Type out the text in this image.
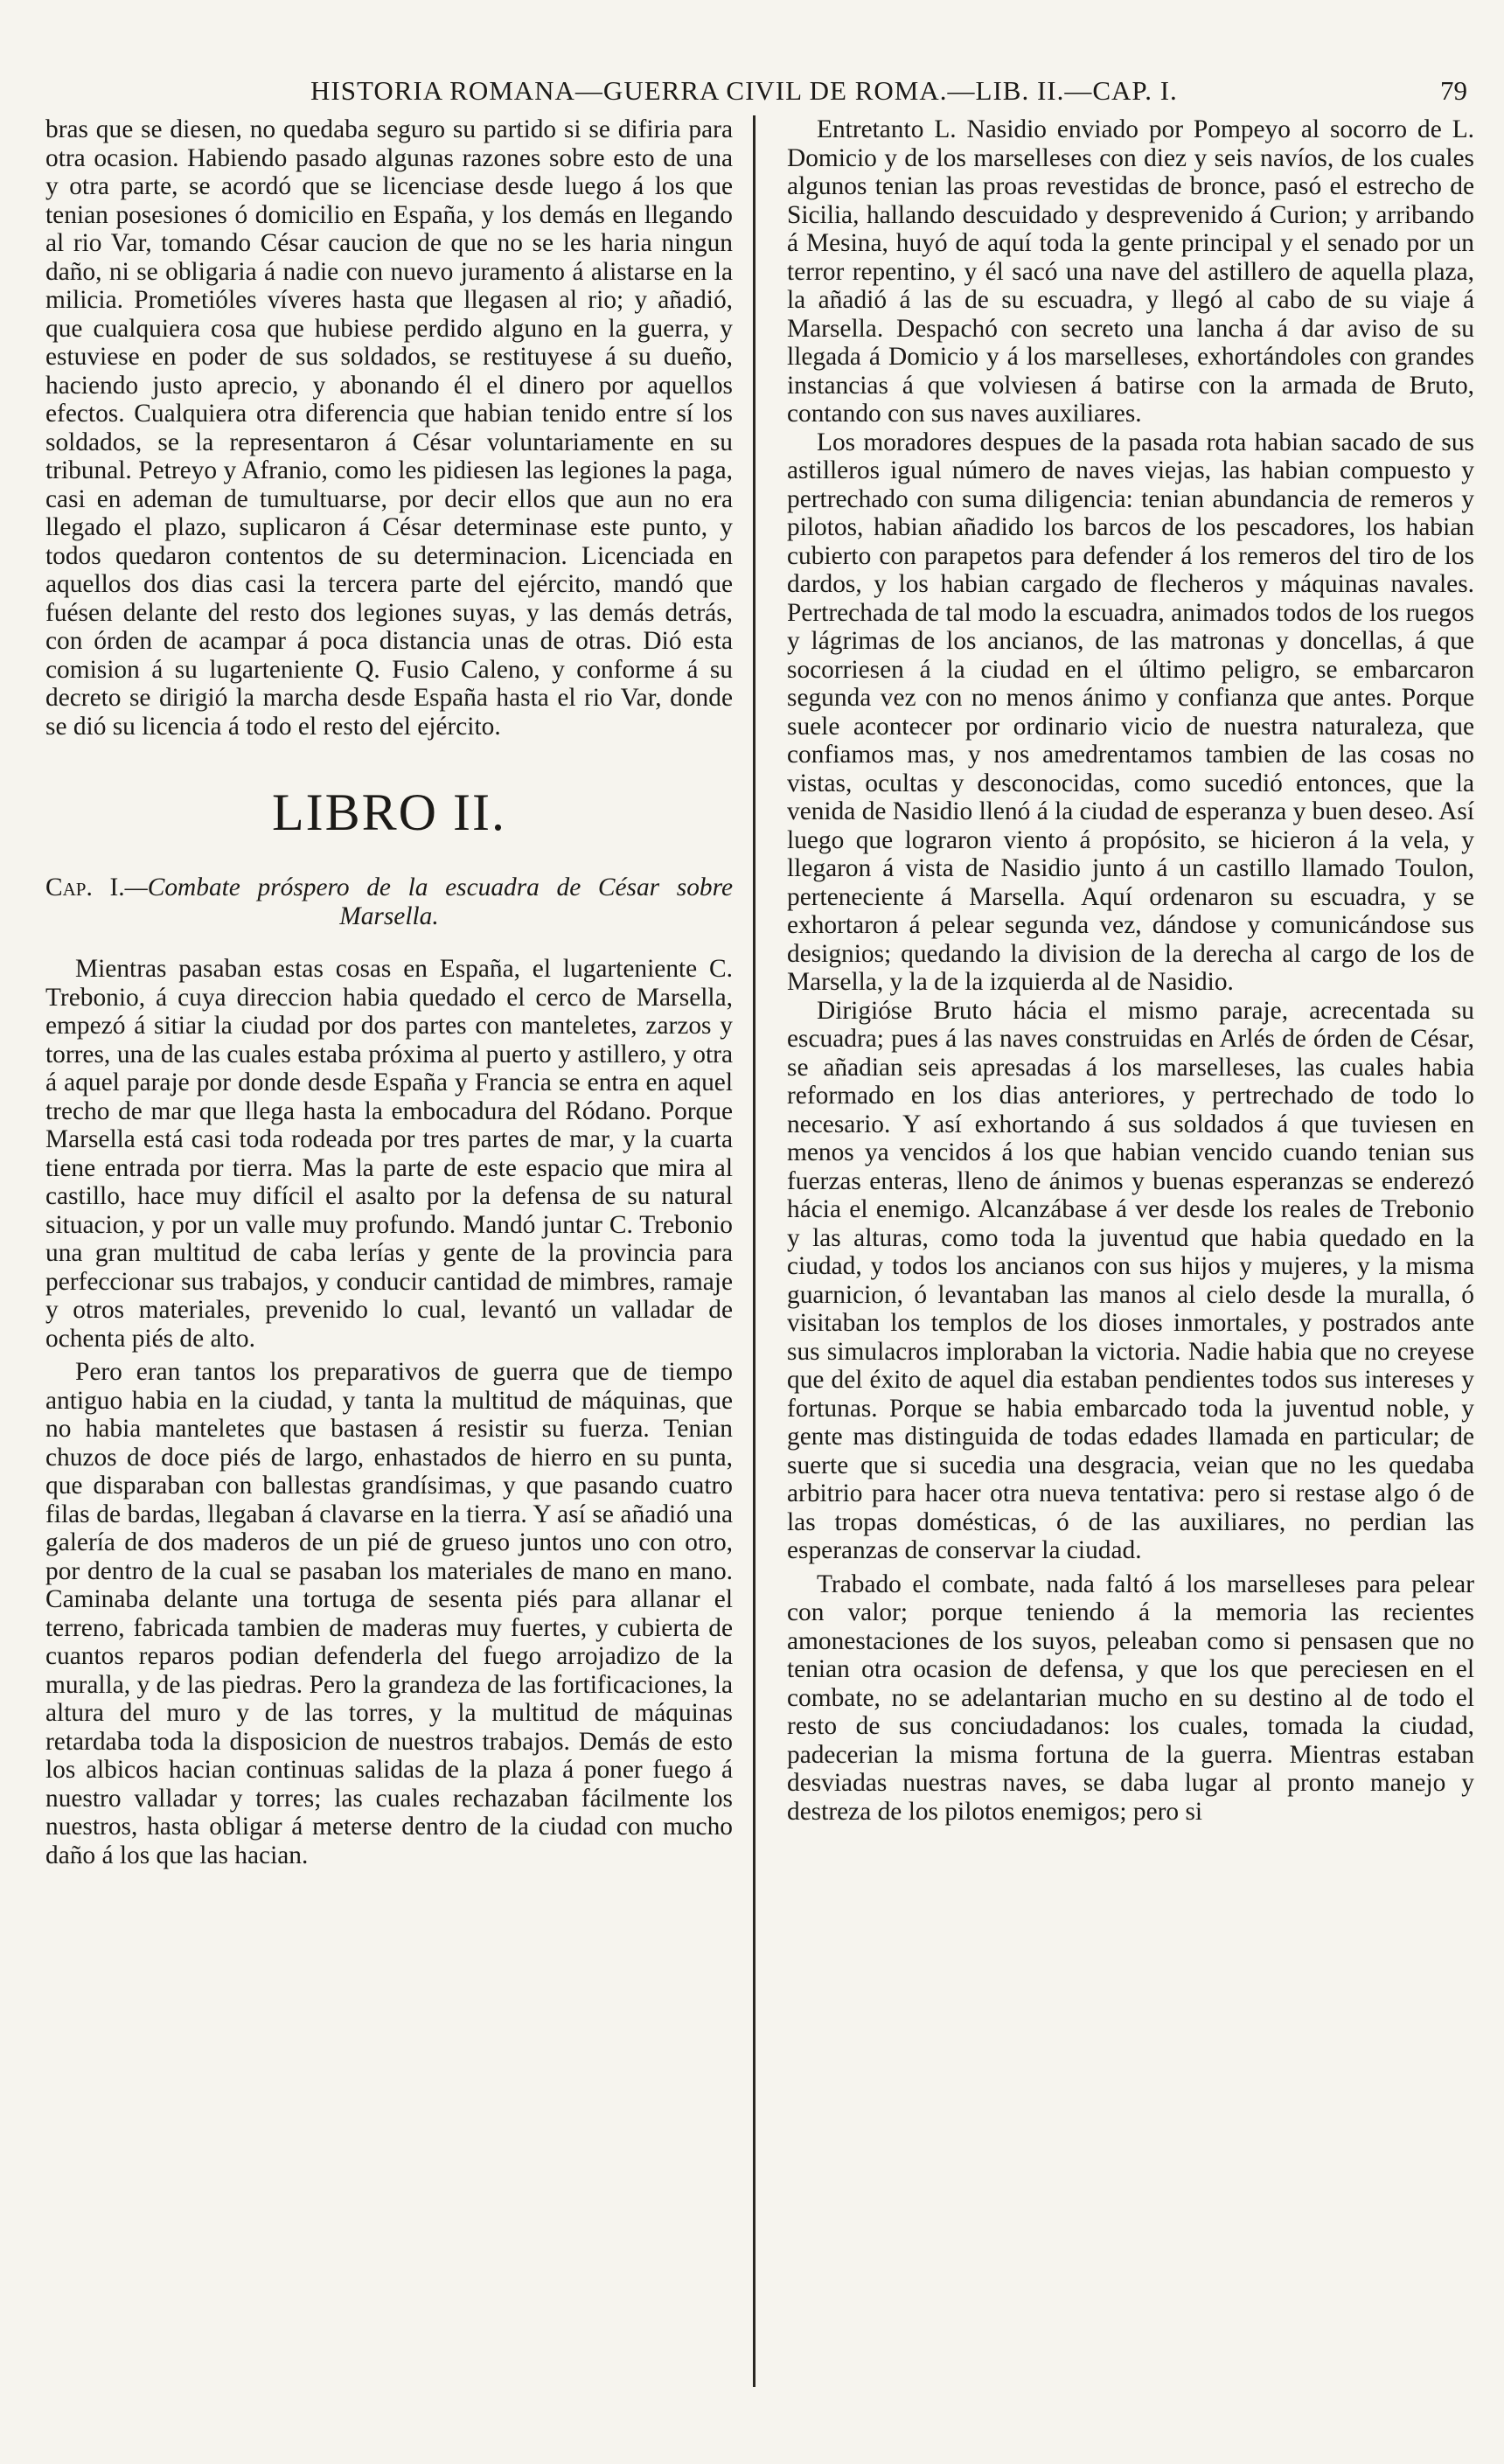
HISTORIA ROMANA—GUERRA CIVIL DE ROMA.—LIB. II.—CAP. I.	79

bras que se diesen, no quedaba seguro su partido si se difiria para otra ocasion. Habiendo pasado algunas razones sobre esto de una y otra parte, se acordó que se licenciase desde luego á los que tenian posesiones ó domicilio en España, y los demás en llegando al rio Var, tomando César caucion de que no se les haria ningun daño, ni se obligaria á nadie con nuevo juramento á alistarse en la milicia. Prometióles víveres hasta que llegasen al rio; y añadió, que cualquiera cosa que hubiese perdido alguno en la guerra, y estuviese en poder de sus soldados, se restituyese á su dueño, haciendo justo aprecio, y abonando él el dinero por aquellos efectos. Cualquiera otra diferencia que habian tenido entre sí los soldados, se la representaron á César voluntariamente en su tribunal. Petreyo y Afranio, como les pidiesen las legiones la paga, casi en ademan de tumultuarse, por decir ellos que aun no era llegado el plazo, suplicaron á César determinase este punto, y todos quedaron contentos de su determinacion. Licenciada en aquellos dos dias casi la tercera parte del ejército, mandó que fuésen delante del resto dos legiones suyas, y las demás detrás, con órden de acampar á poca distancia unas de otras. Dió esta comision á su lugarteniente Q. Fusio Caleno, y conforme á su decreto se dirigió la marcha desde España hasta el rio Var, donde se dió su licencia á todo el resto del ejército.

LIBRO II.
Cap. I.—Combate próspero de la escuadra de César sobre
Marsella.

Mientras pasaban estas cosas en España, el lugarteniente C. Trebonio, á cuya direccion habia quedado el cerco de Marsella, empezó á sitiar la ciudad por dos partes con manteletes, zarzos y torres, una de las cuales estaba próxima al puerto y astillero, y otra á aquel paraje por donde desde España y Francia se entra en aquel trecho de mar que llega hasta la embocadura del Ródano. Porque Marsella está casi toda rodeada por tres partes de mar, y la cuarta tiene entrada por tierra. Mas la parte de este espacio que mira al castillo, hace muy difícil el asalto por la defensa de su natural situacion, y por un valle muy profundo. Mandó juntar C. Trebonio una gran multitud de caba lerías y gente de la provincia para perfeccionar sus trabajos, y conducir cantidad de mimbres, ramaje y otros materiales, prevenido lo cual, levantó un valladar de ochenta piés de alto.

Pero eran tantos los preparativos de guerra que de tiempo antiguo habia en la ciudad, y tanta la multitud de máquinas, que no habia manteletes que bastasen á resistir su fuerza. Tenian chuzos de doce piés de largo, enhastados de hierro en su punta, que disparaban con ballestas grandísimas, y que pasando cuatro filas de bardas, llegaban á clavarse en la tierra. Y así se añadió una galería de dos maderos de un pié de grueso juntos uno con otro, por dentro de la cual se pasaban los materiales de mano en mano. Caminaba delante una tortuga de sesenta piés para allanar el terreno, fabricada tambien de maderas muy fuertes, y cubierta de cuantos reparos podian defenderla del fuego arrojadizo de la muralla, y de las piedras. Pero la grandeza de las fortificaciones, la altura del muro y de las torres, y la multitud de máquinas retardaba toda la disposicion de nuestros trabajos. Demás de esto los albicos hacian continuas salidas de la plaza á poner fuego á nuestro valladar y torres; las cuales rechazaban fácilmente los nuestros, hasta obligar á meterse dentro de la ciudad con mucho daño á los que las hacian.

Entretanto L. Nasidio enviado por Pompeyo al socorro de L. Domicio y de los marselleses con diez y seis navíos, de los cuales algunos tenian las proas revestidas de bronce, pasó el estrecho de Sicilia, hallando descuidado y desprevenido á Curion; y arribando á Mesina, huyó de aquí toda la gente principal y el senado por un terror repentino, y él sacó una nave del astillero de aquella plaza, la añadió á las de su escuadra, y llegó al cabo de su viaje á Marsella. Despachó con secreto una lancha á dar aviso de su llegada á Domicio y á los marselleses, exhortándoles con grandes instancias á que volviesen á batirse con la armada de Bruto, contando con sus naves auxiliares.

Los moradores despues de la pasada rota habian sacado de sus astilleros igual número de naves viejas, las habian compuesto y pertrechado con suma diligencia: tenian abundancia de remeros y pilotos, habian añadido los barcos de los pescadores, los habian cubierto con parapetos para defender á los remeros del tiro de los dardos, y los habian cargado de flecheros y máquinas navales. Pertrechada de tal modo la escuadra, animados todos de los ruegos y lágrimas de los ancianos, de las matronas y doncellas, á que socorriesen á la ciudad en el último peligro, se embarcaron segunda vez con no menos ánimo y confianza que antes. Porque suele acontecer por ordinario vicio de nuestra naturaleza, que confiamos mas, y nos amedrentamos tambien de las cosas no vistas, ocultas y desconocidas, como sucedió entonces, que la venida de Nasidio llenó á la ciudad de esperanza y buen deseo. Así luego que lograron viento á propósito, se hicieron á la vela, y llegaron á vista de Nasidio junto á un castillo llamado Toulon, perteneciente á Marsella. Aquí ordenaron su escuadra, y se exhortaron á pelear segunda vez, dándose y comunicándose sus designios; quedando la division de la derecha al cargo de los de Marsella, y la de la izquierda al de Nasidio.

Dirigióse Bruto hácia el mismo paraje, acrecentada su escuadra; pues á las naves construidas en Arlés de órden de César, se añadian seis apresadas á los marselleses, las cuales habia reformado en los dias anteriores, y pertrechado de todo lo necesario. Y así exhortando á sus soldados á que tuviesen en menos ya vencidos á los que habian vencido cuando tenian sus fuerzas enteras, lleno de ánimos y buenas esperanzas se enderezó hácia el enemigo. Alcanzábase á ver desde los reales de Trebonio y las alturas, como toda la juventud que habia quedado en la ciudad, y todos los ancianos con sus hijos y mujeres, y la misma guarnicion, ó levantaban las manos al cielo desde la muralla, ó visitaban los templos de los dioses inmortales, y postrados ante sus simulacros imploraban la victoria. Nadie habia que no creyese que del éxito de aquel dia estaban pendientes todos sus intereses y fortunas. Porque se habia embarcado toda la juventud noble, y gente mas distinguida de todas edades llamada en particular; de suerte que si sucedia una desgracia, veian que no les quedaba arbitrio para hacer otra nueva tentativa: pero si restase algo ó de las tropas domésticas, ó de las auxiliares, no perdian las esperanzas de conservar la ciudad.

Trabado el combate, nada faltó á los marselleses para pelear con valor; porque teniendo á la memoria las recientes amonestaciones de los suyos, peleaban como si pensasen que no tenian otra ocasion de defensa, y que los que pereciesen en el combate, no se adelantarian mucho en su destino al de todo el resto de sus conciudadanos: los cuales, tomada la ciudad, padecerian la misma fortuna de la guerra. Mientras estaban desviadas nuestras naves, se daba lugar al pronto manejo y destreza de los pilotos enemigos; pero si
